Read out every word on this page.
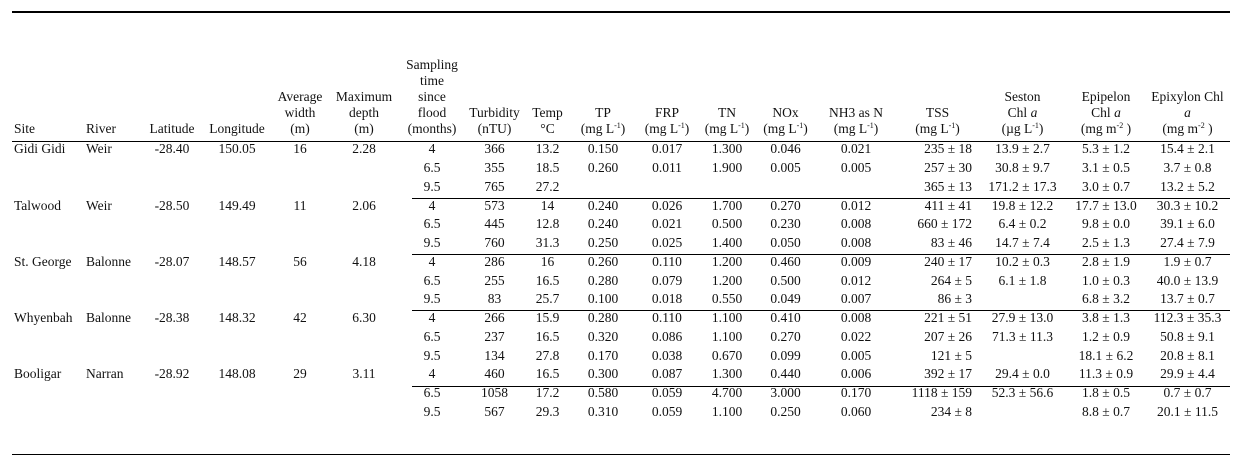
Site	River	Latitude	Longitude	Average
width
(m)	Maximum
depth
(m)	Sampling
time
since
flood
(months)	Turbidity
(nTU)	Temp
°C	TP
(mg $L^{-1}$)	FRP
(mg $L^{-1}$)	TN
(mg $L^{-1}$)	NOx
(mg $L^{-1}$)	NH3 as N
(mg $L^{-1}$)	TSS
(mg $L^{-1}$)	Seston
Chl a
(µg $L^{-1}$)	Epipelon
Chl a
(mg $m^{-2}$ )	Epixylon Chl
a
(mg $m^{-2}$ )
Gidi Gidi	Weir	-28.40	150.05	16	2.28	4	366	13.2	0.150	0.017	1.300	0.046	0.021	235 ± 18	13.9 ± 2.7	5.3 ± 1.2	15.4 ± 2.1
						6.5	355	18.5	0.260	0.011	1.900	0.005	0.005	257 ± 30	30.8 ± 9.7	3.1 ± 0.5	3.7 ± 0.8
						9.5	765	27.2						365 ± 13	171.2 ± 17.3	3.0 ± 0.7	13.2 ± 5.2
Talwood	Weir	-28.50	149.49	11	2.06	4	573	14	0.240	0.026	1.700	0.270	0.012	411 ± 41	19.8 ± 12.2	17.7 ± 13.0	30.3 ± 10.2
						6.5	445	12.8	0.240	0.021	0.500	0.230	0.008	660 ± 172	6.4 ± 0.2	9.8 ± 0.0	39.1 ± 6.0
						9.5	760	31.3	0.250	0.025	1.400	0.050	0.008	83 ± 46	14.7 ± 7.4	2.5 ± 1.3	27.4 ± 7.9
St. George	Balonne	-28.07	148.57	56	4.18	4	286	16	0.260	0.110	1.200	0.460	0.009	240 ± 17	10.2 ± 0.3	2.8 ± 1.9	1.9 ± 0.7
						6.5	255	16.5	0.280	0.079	1.200	0.500	0.012	264 ± 5	6.1 ± 1.8	1.0 ± 0.3	40.0 ± 13.9
						9.5	83	25.7	0.100	0.018	0.550	0.049	0.007	86 ± 3		6.8 ± 3.2	13.7 ± 0.7
Whyenbah	Balonne	-28.38	148.32	42	6.30	4	266	15.9	0.280	0.110	1.100	0.410	0.008	221 ± 51	27.9 ± 13.0	3.8 ± 1.3	112.3 ± 35.3
						6.5	237	16.5	0.320	0.086	1.100	0.270	0.022	207 ± 26	71.3 ± 11.3	1.2 ± 0.9	50.8 ± 9.1
						9.5	134	27.8	0.170	0.038	0.670	0.099	0.005	121 ± 5		18.1 ± 6.2	20.8 ± 8.1
Booligar	Narran	-28.92	148.08	29	3.11	4	460	16.5	0.300	0.087	1.300	0.440	0.006	392 ± 17	29.4 ± 0.0	11.3 ± 0.9	29.9 ± 4.4
						6.5	1058	17.2	0.580	0.059	4.700	3.000	0.170	1118 ± 159	52.3 ± 56.6	1.8 ± 0.5	0.7 ± 0.7
						9.5	567	29.3	0.310	0.059	1.100	0.250	0.060	234 ± 8		8.8 ± 0.7	20.1 ± 11.5
